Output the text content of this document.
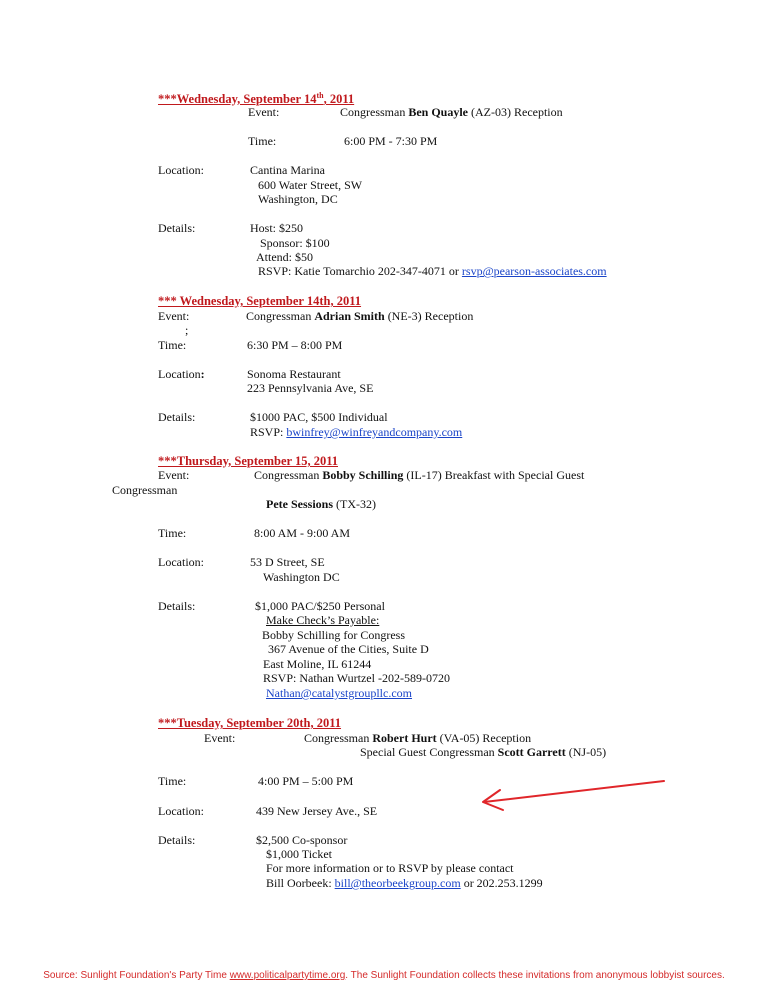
***Wednesday, September 14th, 2011
Event:	Congressman Ben Quayle (AZ-03) Reception
Time:	6:00 PM - 7:30 PM
Location:	Cantina Marina
600 Water Street, SW
Washington, DC
Details:	Host: $250
Sponsor: $100
Attend: $50
RSVP: Katie Tomarchio 202-347-4071 or rsvp@pearson-associates.com
*** Wednesday, September 14th, 2011
Event:	Congressman Adrian Smith (NE-3) Reception
;
Time:	6:30 PM – 8:00 PM
Location:	Sonoma Restaurant
223 Pennsylvania Ave, SE
Details:	$1000 PAC, $500 Individual
RSVP: bwinfrey@winfreyandcompany.com
***Thursday, September 15, 2011
Event:	Congressman Bobby Schilling (IL-17) Breakfast with Special Guest
Congressman
Pete Sessions (TX-32)
Time:	8:00 AM - 9:00 AM
Location:	53 D Street, SE
Washington DC
Details:	$1,000 PAC/$250 Personal
Make Check’s Payable:
Bobby Schilling for Congress
367 Avenue of the Cities, Suite D
East Moline, IL 61244
RSVP: Nathan Wurtzel -202-589-0720
Nathan@catalystgroupllc.com
***Tuesday, September 20th, 2011
Event:	Congressman Robert Hurt (VA-05) Reception
Special Guest Congressman Scott Garrett (NJ-05)
Time:	4:00 PM – 5:00 PM
Location:	439 New Jersey Ave., SE
Details:	$2,500 Co-sponsor
$1,000 Ticket
For more information or to RSVP by please contact
Bill Oorbeek: bill@theorbeekgroup.com or 202.253.1299
Source: Sunlight Foundation's Party Time www.politicalpartytime.org. The Sunlight Foundation collects these invitations from anonymous lobbyist sources.
